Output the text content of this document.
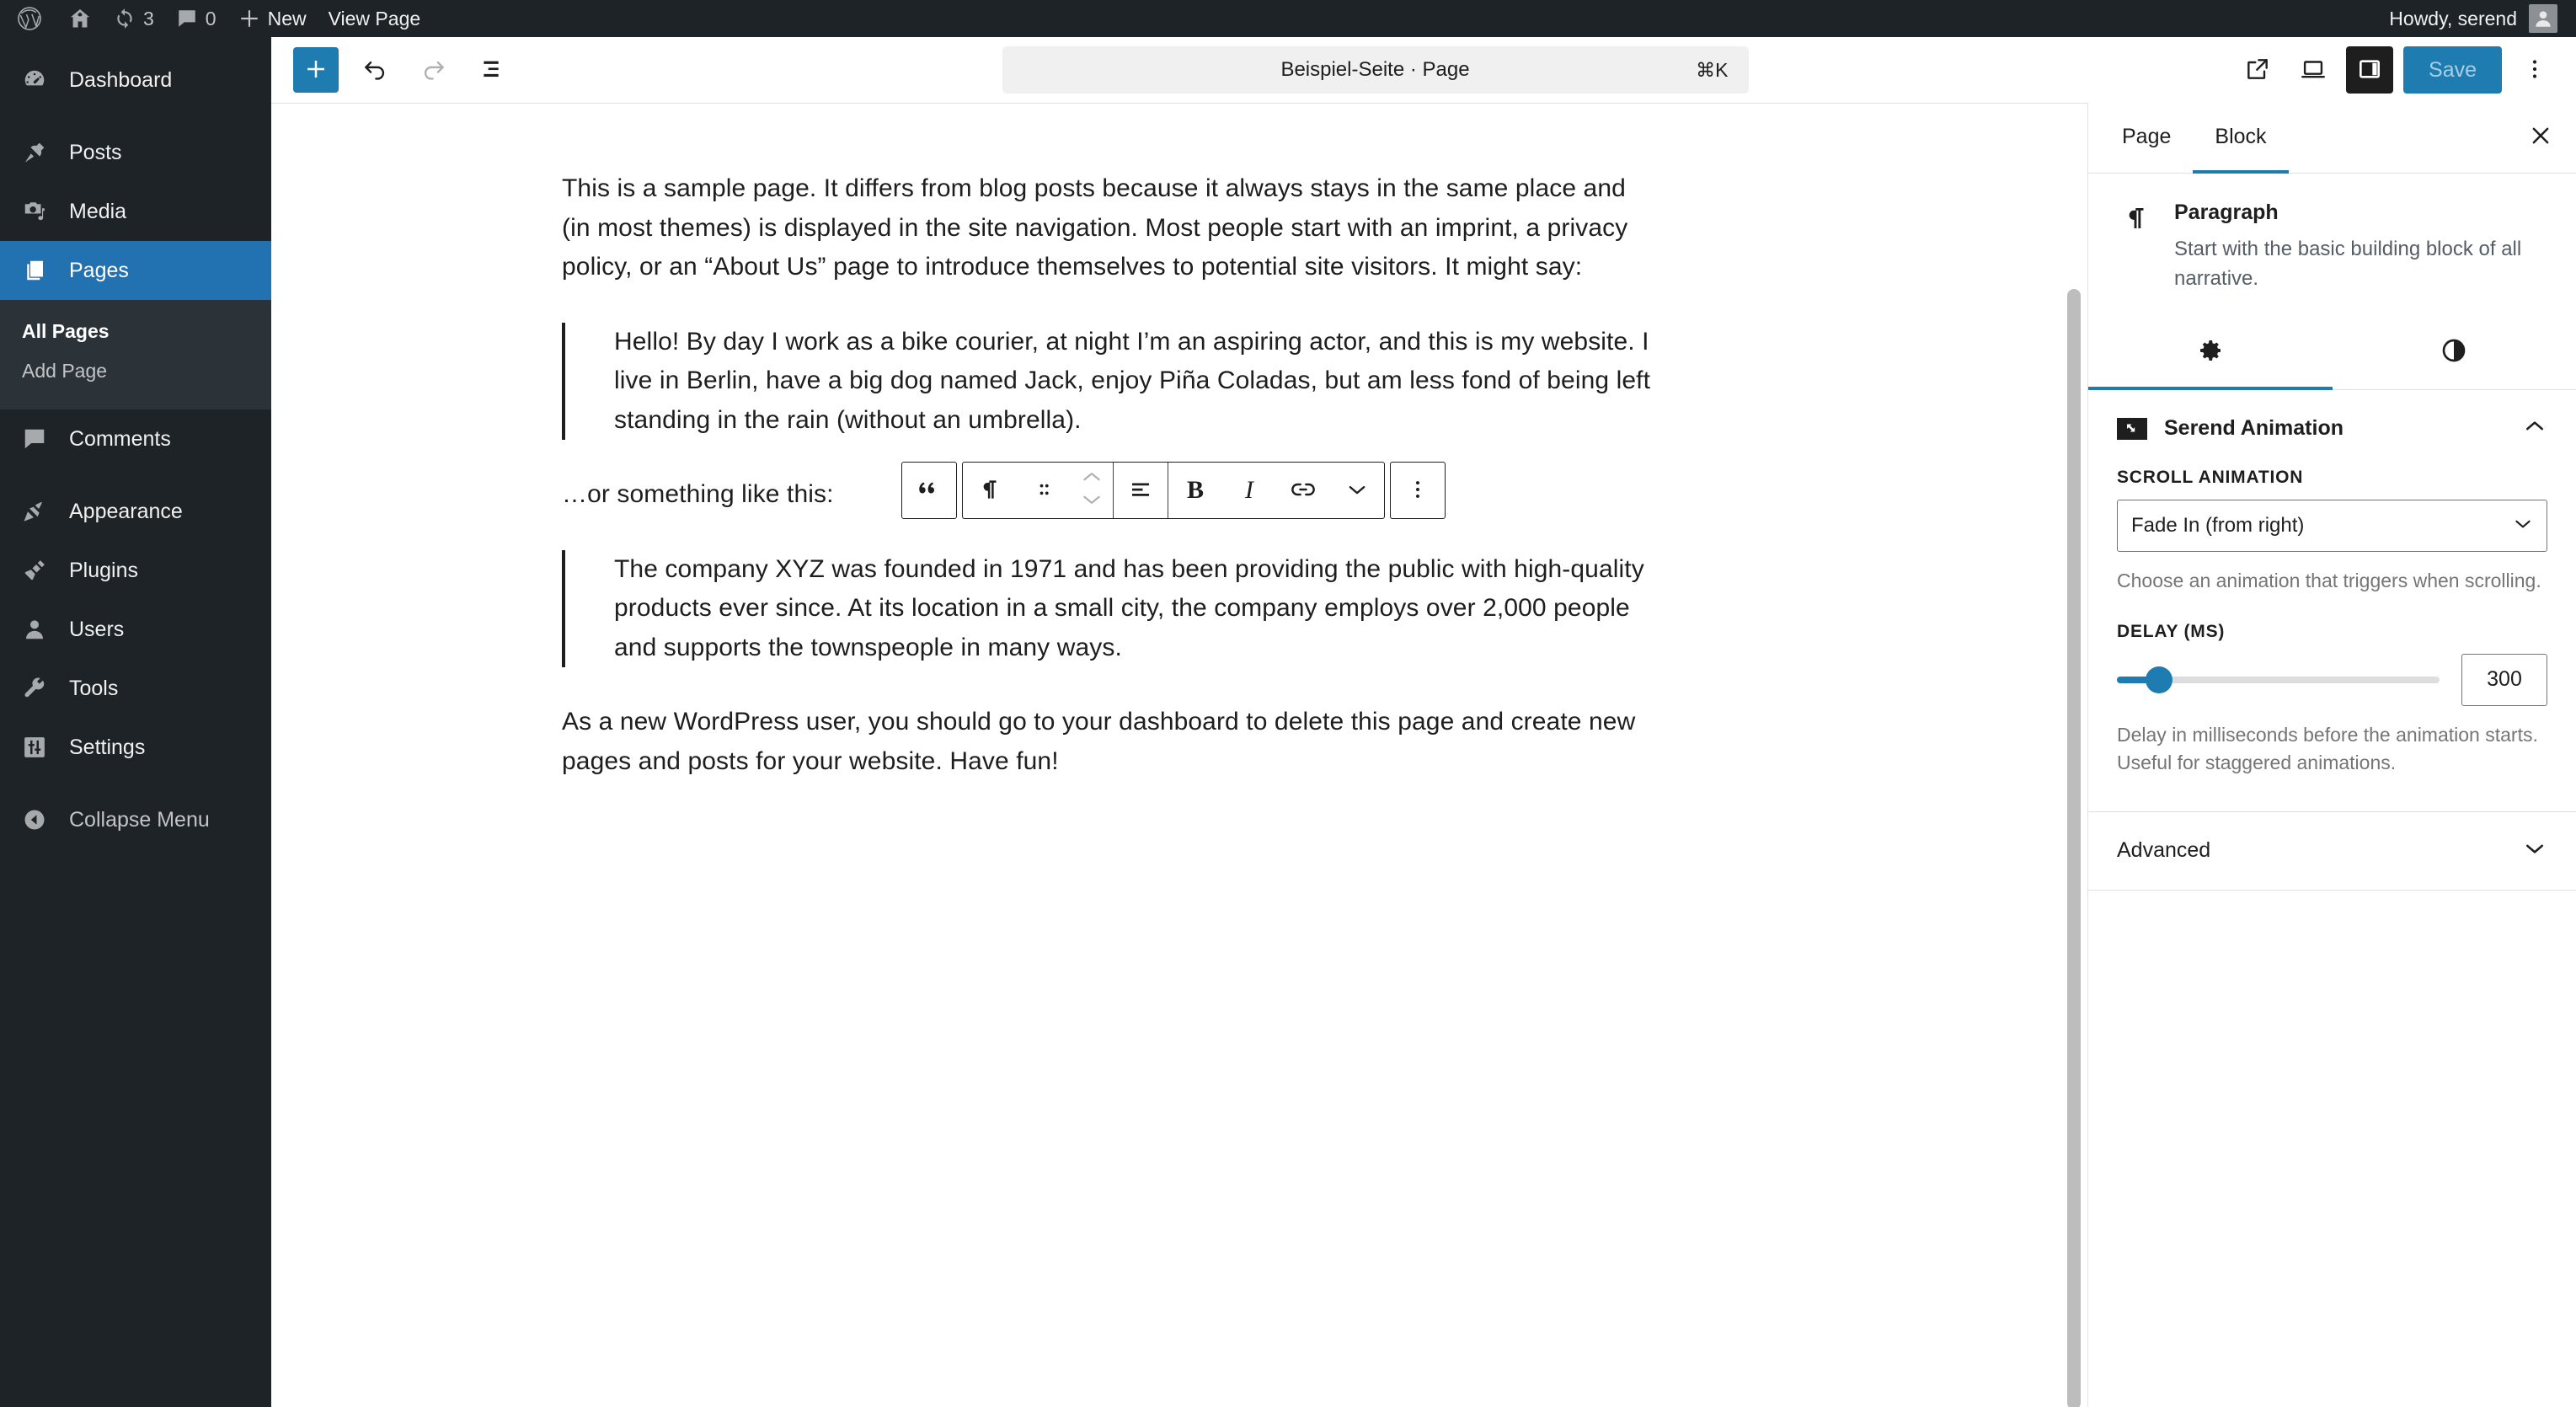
3	0	New View Page	Howdy, serend
Dashboard
Posts
Media
Pages
All Pages
Add Page
Comments
Appearance
Plugins
Users
Tools
Settings
Collapse Menu
Beispiel-Seite · Page	⌘K	Save

This is a sample page. It differs from blog posts because it always stays in the same place and (in most themes) is displayed in the site navigation. Most people start with an imprint, a privacy policy, or an “About Us” page to introduce themselves to potential site visitors. It might say:

Hello! By day I work as a bike courier, at night I’m an aspiring actor, and this is my website. I live in Berlin, have a big dog named Jack, enjoy Piña Coladas, but am less fond of being left standing in the rain (without an umbrella).

…or something like this:

The company XYZ was founded in 1971 and has been providing the public with high-quality products ever since. At its location in a small city, the company employs over 2,000 people and supports the townspeople in many ways.

As a new WordPress user, you should go to your dashboard to delete this page and create new pages and posts for your website. Have fun!

B I
Page	Block
Paragraph
Start with the basic building block of all narrative.
Serend Animation
SCROLL ANIMATION
Fade In (from right)
Choose an animation that triggers when scrolling.
DELAY (MS)
300
Delay in milliseconds before the animation starts. Useful for staggered animations.
Advanced
